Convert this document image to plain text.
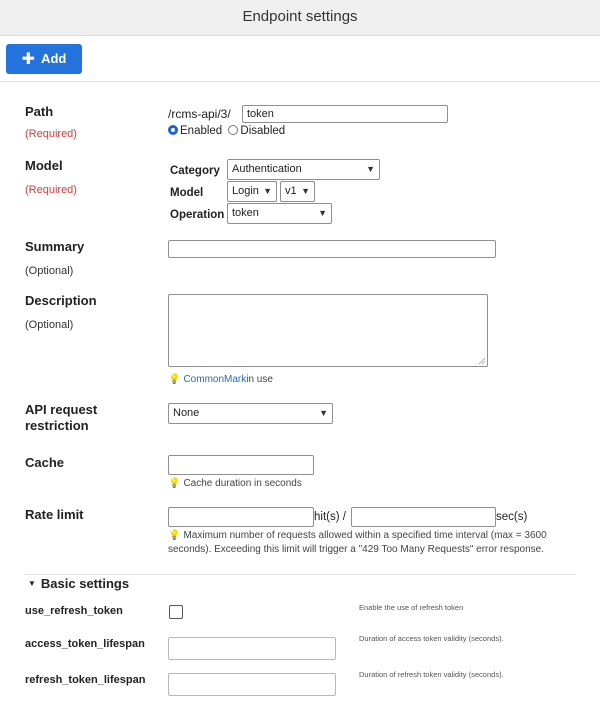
Endpoint settings
✚ Add
Path
(Required)
/rcms-api/3/	token
Enabled Disabled
Model
(Required)
Category	Authentication	▼
Model	Login ▼	v1 ▼
Operation token	▼
Summary
(Optional)
Description
(Optional)
💡 CommonMarkin use
API request
restriction
None	▼
Cache
💡 Cache duration in seconds
Rate limit	hit(s) /	sec(s)
💡 Maximum number of requests allowed within a specified time interval (max = 3600
seconds). Exceeding this limit will trigger a "429 Too Many Requests" error response.
▼ Basic settings
use_refresh_token	Enable the use of refresh token
access_token_lifespan	Duration of access token validity (seconds).
refresh_token_lifespan	Duration of refresh token validity (seconds).
